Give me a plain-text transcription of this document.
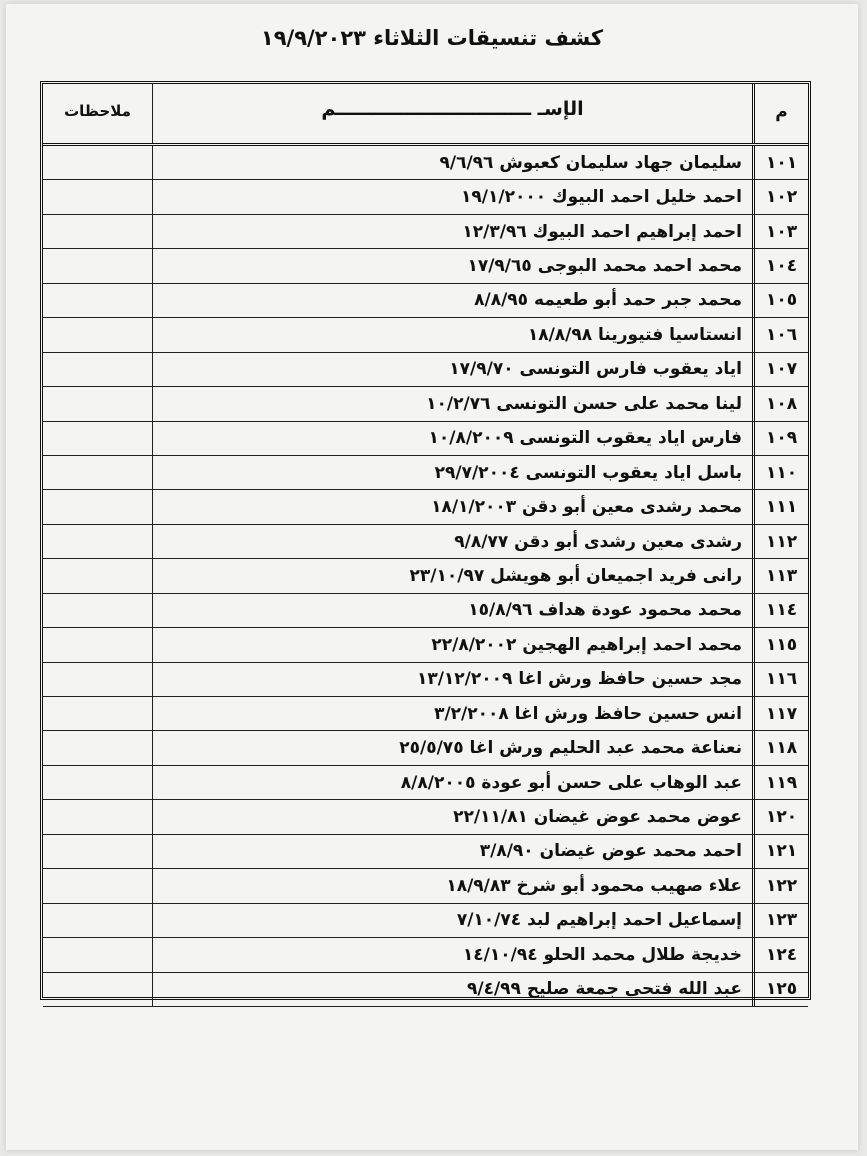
كشف تنسيقات الثلاثاء ١٩/٩/٢٠٢٣
م
الإسـ ــــــــــــــــــــــــــــــم
ملاحظات
١٠١
سليمان جهاد سليمان كعبوش ٩/٦/٩٦
١٠٢
احمد خليل احمد البيوك ١٩/١/٢٠٠٠
١٠٣
احمد إبراهيم احمد البيوك ١٢/٣/٩٦
١٠٤
محمد احمد محمد البوجى ١٧/٩/٦٥
١٠٥
محمد جبر حمد أبو طعيمه ٨/٨/٩٥
١٠٦
انستاسيا فتيورينا ١٨/٨/٩٨
١٠٧
اياد يعقوب فارس التونسى ١٧/٩/٧٠
١٠٨
لينا محمد على حسن التونسى ١٠/٢/٧٦
١٠٩
فارس اياد يعقوب التونسى ١٠/٨/٢٠٠٩
١١٠
باسل اياد يعقوب التونسى ٢٩/٧/٢٠٠٤
١١١
محمد رشدى معين أبو دقن ١٨/١/٢٠٠٣
١١٢
رشدى معين رشدى أبو دقن ٩/٨/٧٧
١١٣
رانى فريد اجميعان أبو هويشل ٢٣/١٠/٩٧
١١٤
محمد محمود عودة هداف ١٥/٨/٩٦
١١٥
محمد احمد إبراهيم الهجين ٢٢/٨/٢٠٠٢
١١٦
مجد حسين حافظ ورش اغا ١٣/١٢/٢٠٠٩
١١٧
انس حسين حافظ ورش اغا ٣/٢/٢٠٠٨
١١٨
نعناعة محمد عبد الحليم ورش اغا ٢٥/٥/٧٥
١١٩
عبد الوهاب على حسن أبو عودة ٨/٨/٢٠٠٥
١٢٠
عوض محمد عوض غيضان ٢٢/١١/٨١
١٢١
احمد محمد عوض غيضان ٣/٨/٩٠
١٢٢
علاء صهيب محمود أبو شرخ ١٨/٩/٨٣
١٢٣
إسماعيل احمد إبراهيم لبد ٧/١٠/٧٤
١٢٤
خديجة طلال محمد الحلو ١٤/١٠/٩٤
١٢٥
عبد الله فتحى جمعة صليح ٩/٤/٩٩
